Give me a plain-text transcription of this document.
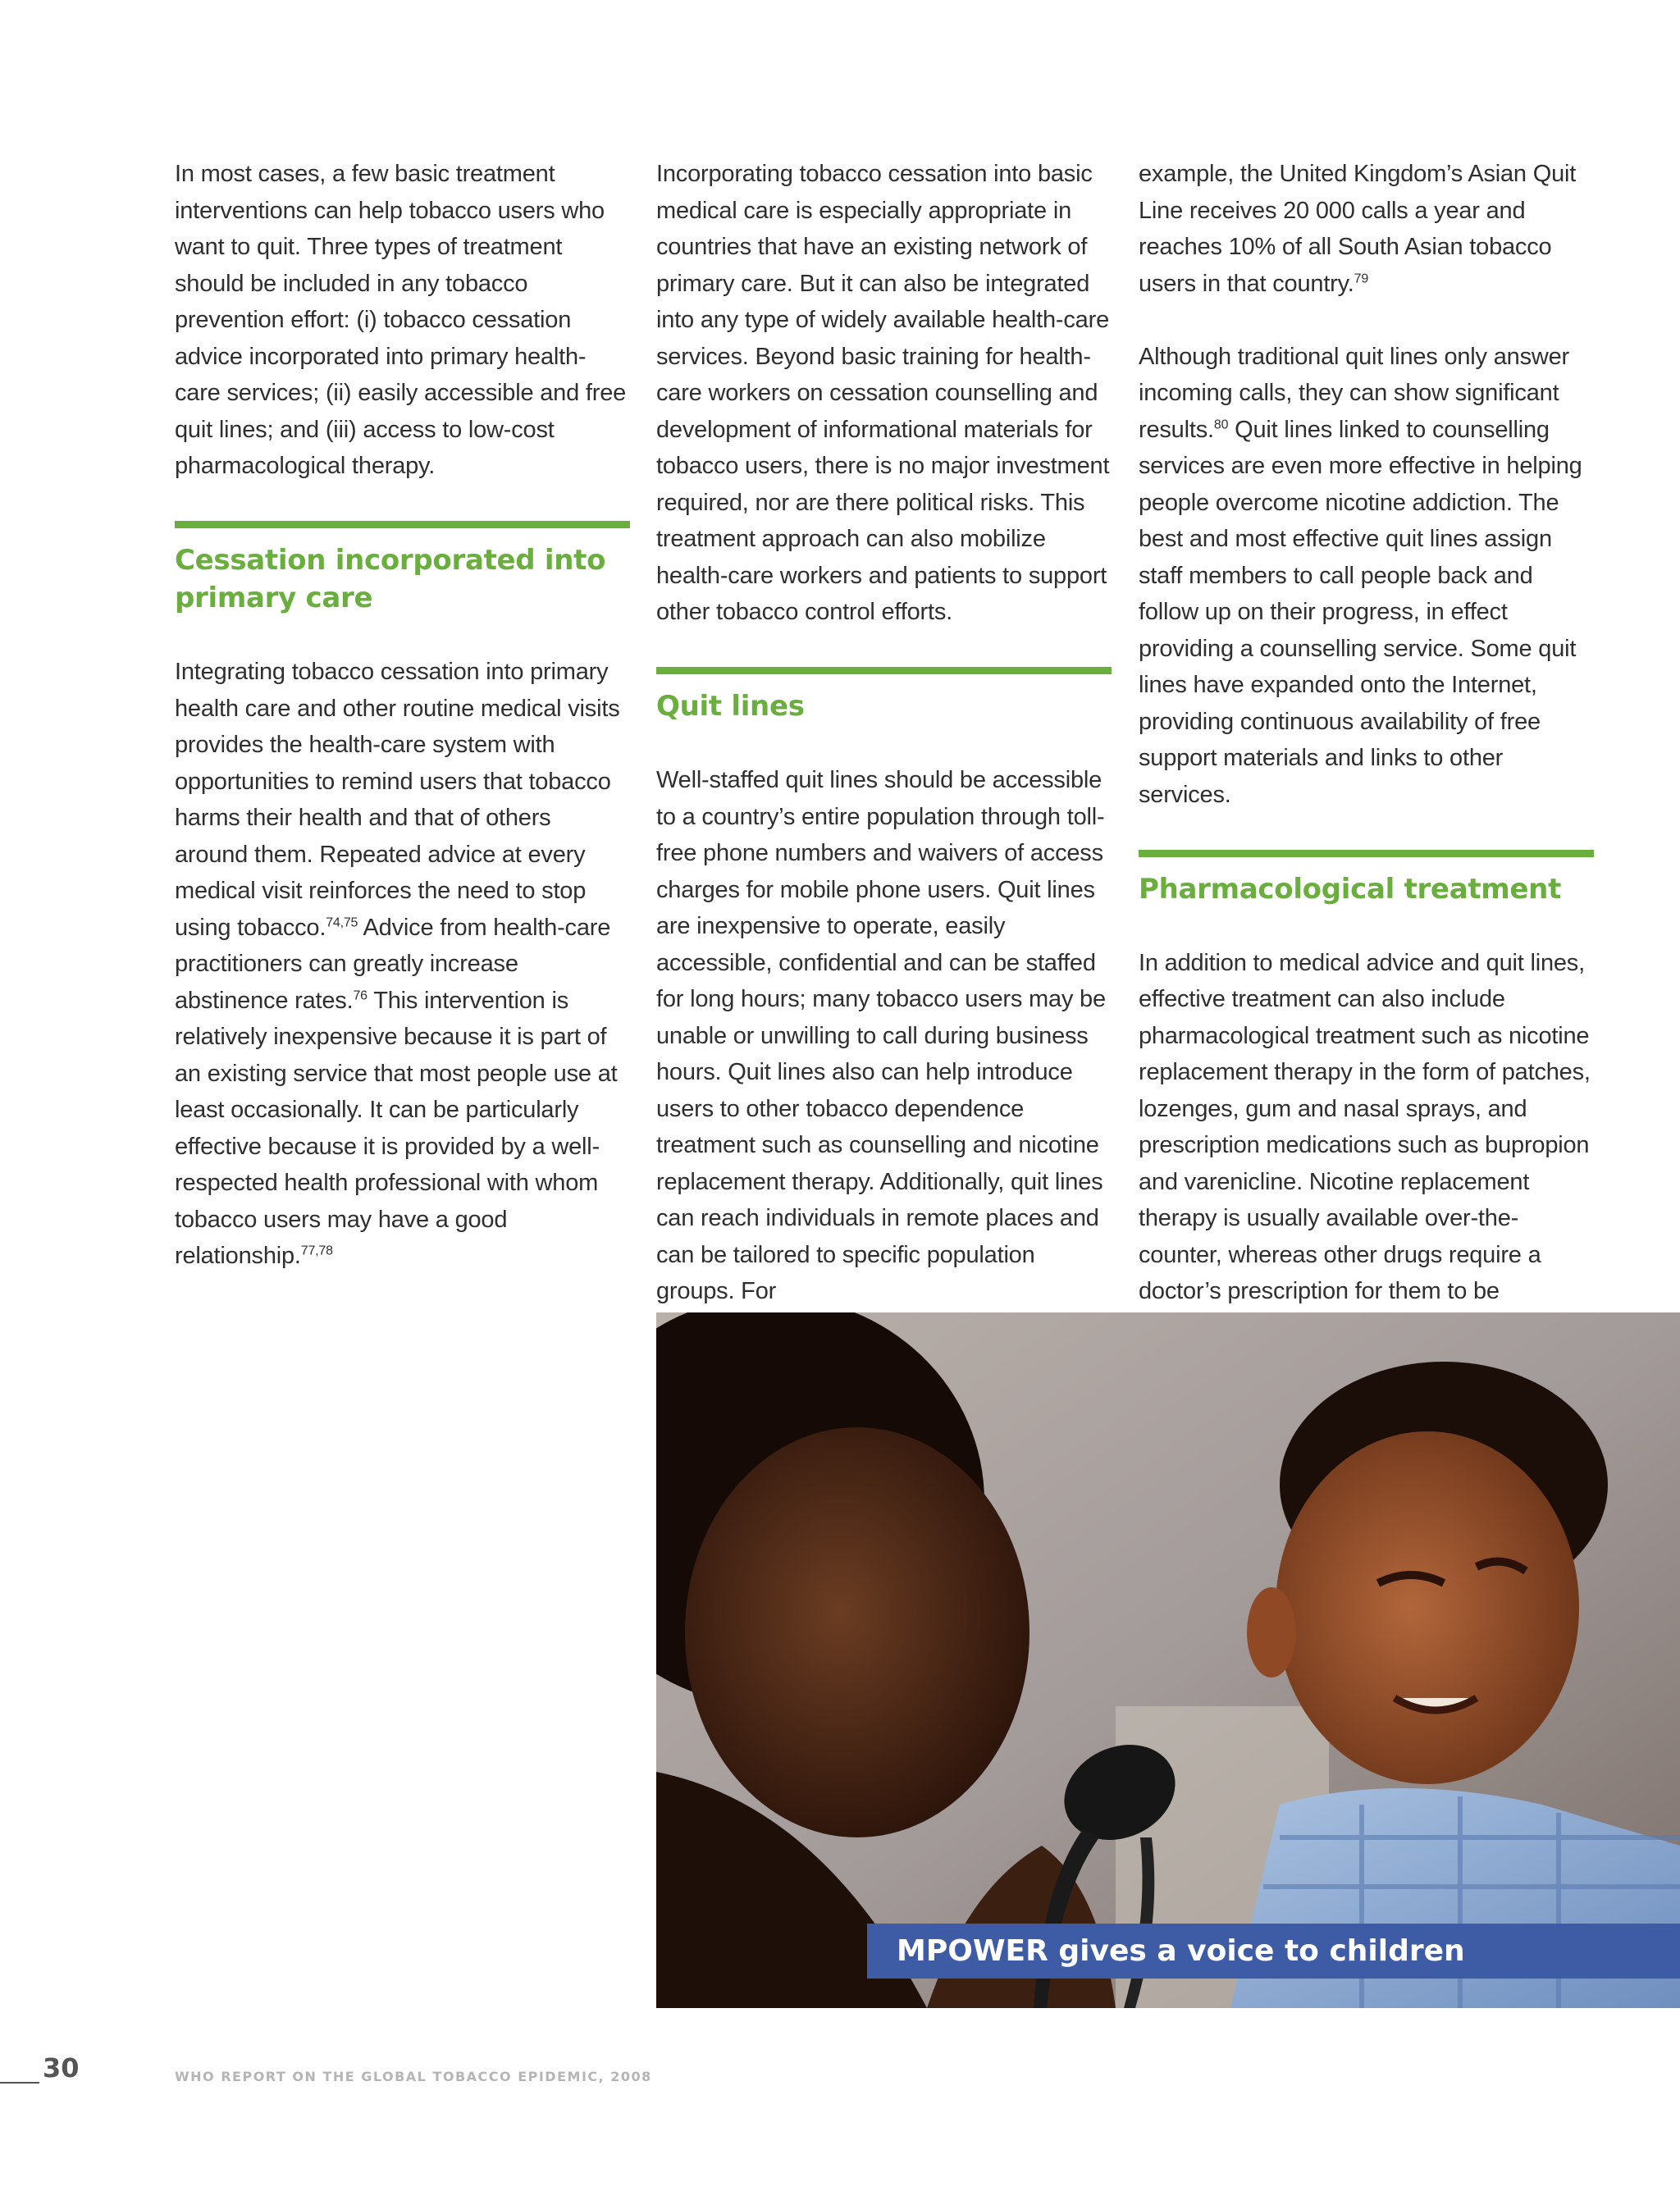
In most cases, a few basic treatment interventions can help tobacco users who want to quit. Three types of treatment should be included in any tobacco prevention effort: (i) tobacco cessation advice incorporated into primary health-care services; (ii) easily accessible and free quit lines; and (iii) access to low-cost pharmacological therapy.

Cessation incorporated into primary care

Integrating tobacco cessation into primary health care and other routine medical visits provides the health-care system with opportunities to remind users that tobacco harms their health and that of others around them. Repeated advice at every medical visit reinforces the need to stop using tobacco.$^{74,75}$ Advice from health-care practitioners can greatly increase abstinence rates.$^{76}$ This intervention is relatively inexpensive because it is part of an existing service that most people use at least occasionally. It can be particularly effective because it is provided by a well-respected health professional with whom tobacco users may have a good relationship.$^{77,78}$

Incorporating tobacco cessation into basic medical care is especially appropriate in countries that have an existing network of primary care. But it can also be integrated into any type of widely available health-care services. Beyond basic training for health-care workers on cessation counselling and development of informational materials for tobacco users, there is no major investment required, nor are there political risks. This treatment approach can also mobilize health-care workers and patients to support other tobacco control efforts.

Quit lines

Well-staffed quit lines should be accessible to a country’s entire population through toll-free phone numbers and waivers of access charges for mobile phone users. Quit lines are inexpensive to operate, easily accessible, confidential and can be staffed for long hours; many tobacco users may be unable or unwilling to call during business hours. Quit lines also can help introduce users to other tobacco dependence treatment such as counselling and nicotine replacement therapy. Additionally, quit lines can reach individuals in remote places and can be tailored to specific population groups. For

example, the United Kingdom’s Asian Quit Line receives 20 000 calls a year and reaches 10% of all South Asian tobacco users in that country.$^{79}$

Although traditional quit lines only answer incoming calls, they can show significant results.$^{80}$ Quit lines linked to counselling services are even more effective in helping people overcome nicotine addiction. The best and most effective quit lines assign staff members to call people back and follow up on their progress, in effect providing a counselling service. Some quit lines have expanded onto the Internet, providing continuous availability of free support materials and links to other services.

Pharmacological treatment

In addition to medical advice and quit lines, effective treatment can also include pharmacological treatment such as nicotine replacement therapy in the form of patches, lozenges, gum and nasal sprays, and prescription medications such as bupropion and varenicline. Nicotine replacement therapy is usually available over-the-counter, whereas other drugs require a doctor’s prescription for them to be

MPOWER gives a voice to children
30	WHO REPORT ON THE GLOBAL TOBACCO EPIDEMIC, 2008
